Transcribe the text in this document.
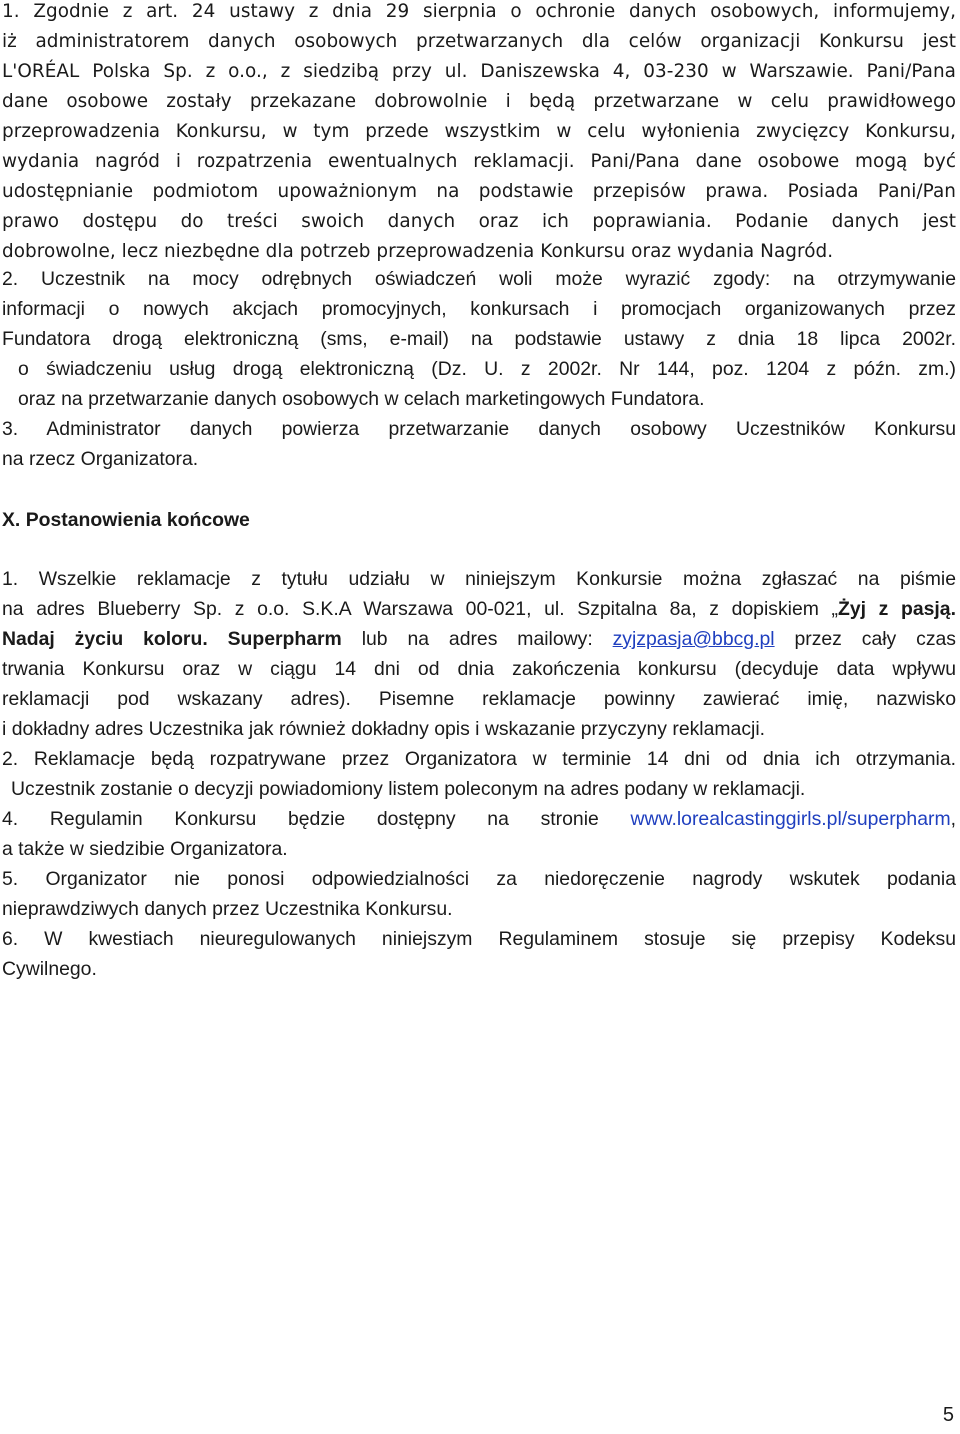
1. Zgodnie z art. 24 ustawy z dnia 29 sierpnia o ochronie danych osobowych, informujemy,
iż administratorem danych osobowych przetwarzanych dla celów organizacji Konkursu jest
L'ORÉAL Polska Sp. z o.o., z siedzibą przy ul. Daniszewska 4, 03-230 w Warszawie. Pani/Pana
dane osobowe zostały przekazane dobrowolnie i będą przetwarzane w celu prawidłowego
przeprowadzenia Konkursu, w tym przede wszystkim w celu wyłonienia zwycięzcy Konkursu,
wydania nagród i rozpatrzenia ewentualnych reklamacji. Pani/Pana dane osobowe mogą być
udostępnianie podmiotom upoważnionym na podstawie przepisów prawa. Posiada Pani/Pan
prawo dostępu do treści swoich danych oraz ich poprawiania. Podanie danych jest
dobrowolne, lecz niezbędne dla potrzeb przeprowadzenia Konkursu oraz wydania Nagród.
2. Uczestnik na mocy odrębnych oświadczeń woli może wyrazić zgody: na otrzymywanie
informacji o nowych akcjach promocyjnych, konkursach i promocjach organizowanych przez
Fundatora drogą elektroniczną (sms, e-mail) na podstawie ustawy z dnia 18 lipca 2002r.
o świadczeniu usług drogą elektroniczną (Dz. U. z 2002r. Nr 144, poz. 1204 z późn. zm.)
oraz na przetwarzanie danych osobowych w celach marketingowych Fundatora.
3. Administrator danych powierza przetwarzanie danych osobowy Uczestników Konkursu
na rzecz Organizatora.
X. Postanowienia końcowe
1. Wszelkie reklamacje z tytułu udziału w niniejszym Konkursie można zgłaszać na piśmie
na adres Blueberry Sp. z o.o. S.K.A Warszawa 00-021, ul. Szpitalna 8a, z dopiskiem „Żyj z pasją.
Nadaj życiu koloru. Superpharm lub na adres mailowy: zyjzpasja@bbcg.pl przez cały czas
trwania Konkursu oraz w ciągu 14 dni od dnia zakończenia konkursu (decyduje data wpływu
reklamacji pod wskazany adres). Pisemne reklamacje powinny zawierać imię, nazwisko
i dokładny adres Uczestnika jak również dokładny opis i wskazanie przyczyny reklamacji.
2. Reklamacje będą rozpatrywane przez Organizatora w terminie 14 dni od dnia ich otrzymania.
Uczestnik zostanie o decyzji powiadomiony listem poleconym na adres podany w reklamacji.
4. Regulamin Konkursu będzie dostępny na stronie www.lorealcastinggirls.pl/superpharm,
a także w siedzibie Organizatora.
5. Organizator nie ponosi odpowiedzialności za niedoręczenie nagrody wskutek podania
nieprawdziwych danych przez Uczestnika Konkursu.
6. W kwestiach nieuregulowanych niniejszym Regulaminem stosuje się przepisy Kodeksu
Cywilnego.
5
